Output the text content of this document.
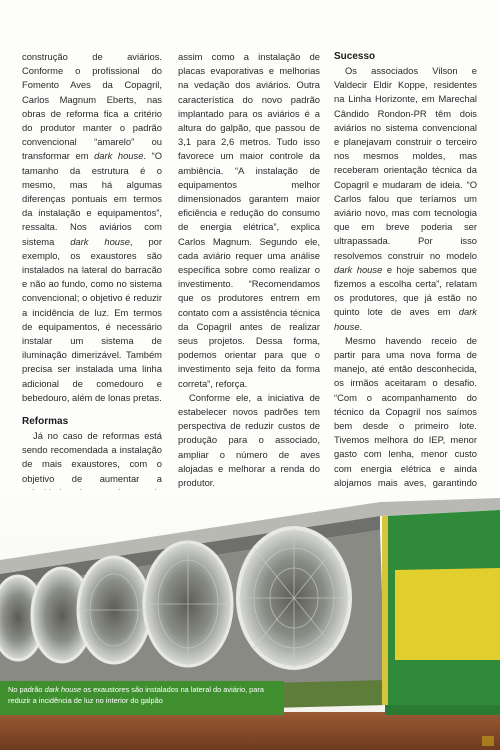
construção de aviários. Conforme o profissional do Fomento Aves da Copagril, Carlos Magnum Eberts, nas obras de reforma fica a critério do produtor manter o padrão convencional “amarelo” ou transformar em dark house. “O tamanho da estrutura é o mesmo, mas há algumas diferenças pontuais em termos da instalação e equipamentos”, ressalta. Nos aviários com sistema dark house, por exemplo, os exaustores são instalados na lateral do barracão e não ao fundo, como no sistema convencional; o objetivo é reduzir a incidência de luz. Em termos de equipamentos, é necessário instalar um sistema de iluminação dimerizável. Também precisa ser instalada uma linha adicional de comedouro e bebedouro, além de lonas pretas.

Reformas

Já no caso de reformas está sendo recomendada a instalação de mais exaustores, com o objetivo de aumentar a

assim como a instalação de placas evaporativas e melhorias na vedação dos aviários. Outra característica do novo padrão implantado para os aviários é a altura do galpão, que passou de 3,1 para 2,6 metros. Tudo isso favorece um maior controle da ambiência. “A instalação de equipamentos melhor dimensionados garantem maior eficiência e redução do consumo de energia elétrica”, explica Carlos Magnum. Segundo ele, cada aviário requer uma análise específica sobre como realizar o investimento. “Recomendamos que os produtores entrem em contato com a assistência técnica da Copagril antes de realizar seus projetos. Dessa forma, podemos orientar para que o investimento seja feito da forma correta”, reforça.

Conforme ele, a iniciativa de estabelecer novos padrões tem perspectiva de reduzir custos de produção para o associado, ampliar o número de aves alojadas e melhorar a renda do produtor.

Sucesso

Os associados Vilson e Valdecir Eldir Koppe, residentes na Linha Horizonte, em Marechal Cândido Rondon-PR têm dois aviários no sistema convencional e planejavam construir o terceiro nos mesmos moldes, mas receberam orientação técnica da Copagril e mudaram de ideia. “O Carlos falou que teríamos um aviário novo, mas com tecnologia que em breve poderia ser ultrapassada. Por isso resolvemos construir no modelo dark house e hoje sabemos que fizemos a escolha certa”, relatam os produtores, que já estão no quinto lote de aves em dark house.

Mesmo havendo receio de partir para uma nova forma de manejo, até então desconhecida, os irmãos aceitaram o desafio. “Com o acompanhamento do técnico da Copagril nos saímos bem desde o primeiro lote. Tivemos melhora do IEP, menor gasto com lenha, menor custo com energia elétrica e ainda alojamos mais aves, garantindo

No padrão dark house os exaustores são instalados na lateral do aviário, para reduzir a incidência de luz no interior do galpão
